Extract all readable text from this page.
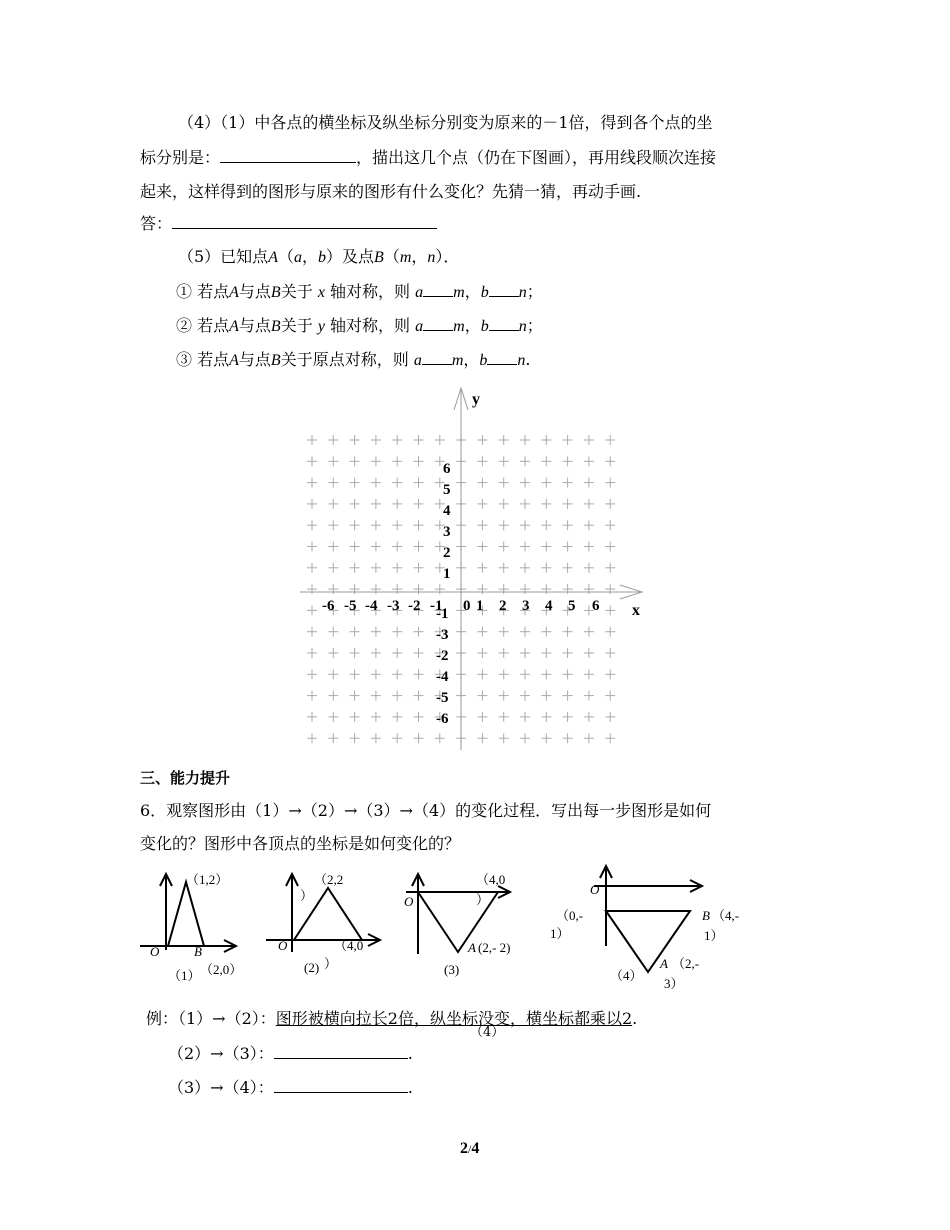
（4）（1）中各点的横坐标及纵坐标分别变为原来的－1倍，得到各个点的坐
标分别是：	，描出这几个点（仍在下图画），再用线段顺次连接
起来，这样得到的图形与原来的图形有什么变化？先猜一猜，再动手画.
答：
（5）已知点A（a，b）及点B（m，n）．
① 若点A与点B关于 x 轴对称，则 a m，b n；
② 若点A与点B关于 y 轴对称，则 a m，b n；
③ 若点A与点B关于原点对称，则 a m，b n.
y
x
6
5
4
3
2
1
-1
-3
-2
-4
-5
-6
-6 -5 -4 -3 -2 -1 0 1 2 3 4 5 6
三、能力提升
6．观察图形由（1）→（2）→（3）→（4）的变化过程．写出每一步图形是如何
变化的？图形中各顶点的坐标是如何变化的？
（1,2）
O	B
（1） （2,0）
（2,2
）
O	（4,0
）
(2)
（4,0
）
O
A (2,- 2)
(3)
O
（0,-
1）
B （4,-
1）
A （2,-
3）
（4）
例：（1）→（2）：图形被横向拉长2倍，纵坐标没变，横坐标都乘以2.
（4）
（2）→（3）：	.
（3）→（4）：	.
2/4
